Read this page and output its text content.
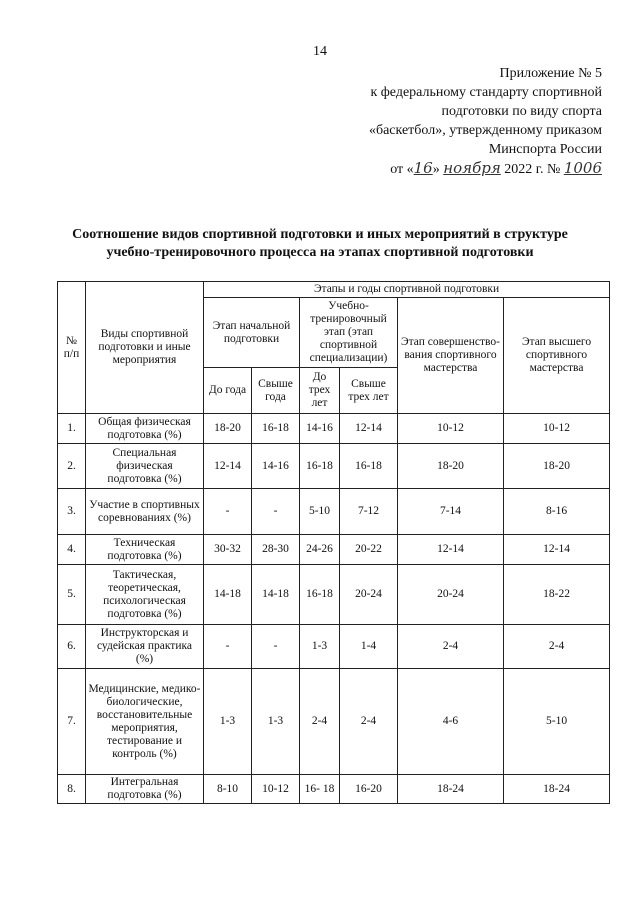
14
Приложение № 5
к федеральному стандарту спортивной
подготовки по виду спорта
«баскетбол», утвержденному приказом
Минспорта России
от «16» ноября 2022 г. № 1006
Соотношение видов спортивной подготовки и иных мероприятий в структуре
учебно-тренировочного процесса на этапах спортивной подготовки
№ п/п	Виды спортивной подготовки и иные мероприятия	Этапы и годы спортивной подготовки					
		Этап начальной подготовки		Учебно-тренировочный этап (этап спортивной специализации)		Этап совершенство-вания спортивного мастерства	Этап высшего спортивного мастерства
		До года	Свыше года	До трех лет	Свыше трех лет		
1.	Общая физическая подготовка (%)	18-20	16-18	14-16	12-14	10-12	10-12
2.	Специальная физическая подготовка (%)	12-14	14-16	16-18	16-18	18-20	18-20
3.	Участие в спортивных соревнованиях (%)	-	-	5-10	7-12	7-14	8-16
4.	Техническая подготовка (%)	30-32	28-30	24-26	20-22	12-14	12-14
5.	Тактическая, теоретическая, психологическая подготовка (%)	14-18	14-18	16-18	20-24	20-24	18-22
6.	Инструкторская и судейская практика (%)	-	-	1-3	1-4	2-4	2-4
7.	Медицинские, медико-биологические, восстановительные мероприятия, тестирование и контроль (%)	1-3	1-3	2-4	2-4	4-6	5-10
8.	Интегральная подготовка (%)	8-10	10-12	16- 18	16-20	18-24	18-24
